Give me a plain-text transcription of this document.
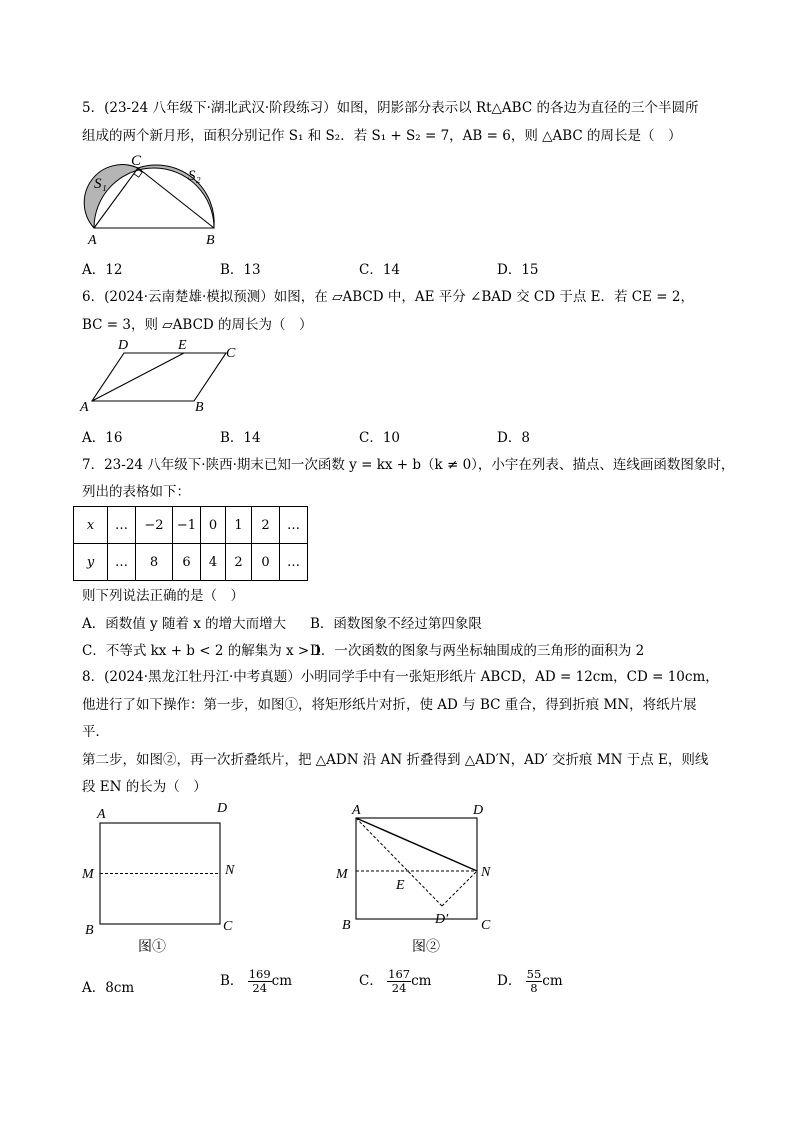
5．(23-24 八年级下·湖北武汉·阶段练习）如图，阴影部分表示以 Rt△ABC 的各边为直径的三个半圆所
组成的两个新月形，面积分别记作 S₁ 和 S₂．若 S₁ + S₂ = 7，AB = 6，则 △ABC 的周长是（　）
C
S₁	S₂
A	B
A．12	B．13	C．14	D．15
6．(2024·云南楚雄·模拟预测）如图，在 ▱ABCD 中，AE 平分 ∠BAD 交 CD 于点 E．若 CE = 2，
BC = 3，则 ▱ABCD 的周长为（　）
D	E
C
A	B
A．16	B．14	C．10	D．8
7．23-24 八年级下·陕西·期末已知一次函数 y = kx + b（k ≠ 0），小宇在列表、描点、连线画函数图象时，
列出的表格如下：
x	…	−2	−1	0	1	2	…
y	…	8	6	4	2	0	…
则下列说法正确的是（　）
A．函数值 y 随着 x 的增大而增大 B．函数图象不经过第四象限
C．不等式 kx + b < 2 的解集为 x > 1
D．一次函数的图象与两坐标轴围成的三角形的面积为 2
8．(2024·黑龙江牡丹江·中考真题）小明同学手中有一张矩形纸片 ABCD，AD = 12cm，CD = 10cm，
他进行了如下操作：第一步，如图①，将矩形纸片对折，使 AD 与 BC 重合，得到折痕 MN，将纸片展
平．
第二步，如图②，再一次折叠纸片，把 △ADN 沿 AN 折叠得到 △AD′N，AD′ 交折痕 MN 于点 E，则线
段 EN 的长为（　）
A	D
M	N
B	C
图①
A	D
M	N
E
D′
B	C
图②
A．8cm	B． $\frac{169}{24}$ cm	C． $\frac{167}{24}$ cm	D． $\frac{55}{8}$ cm
